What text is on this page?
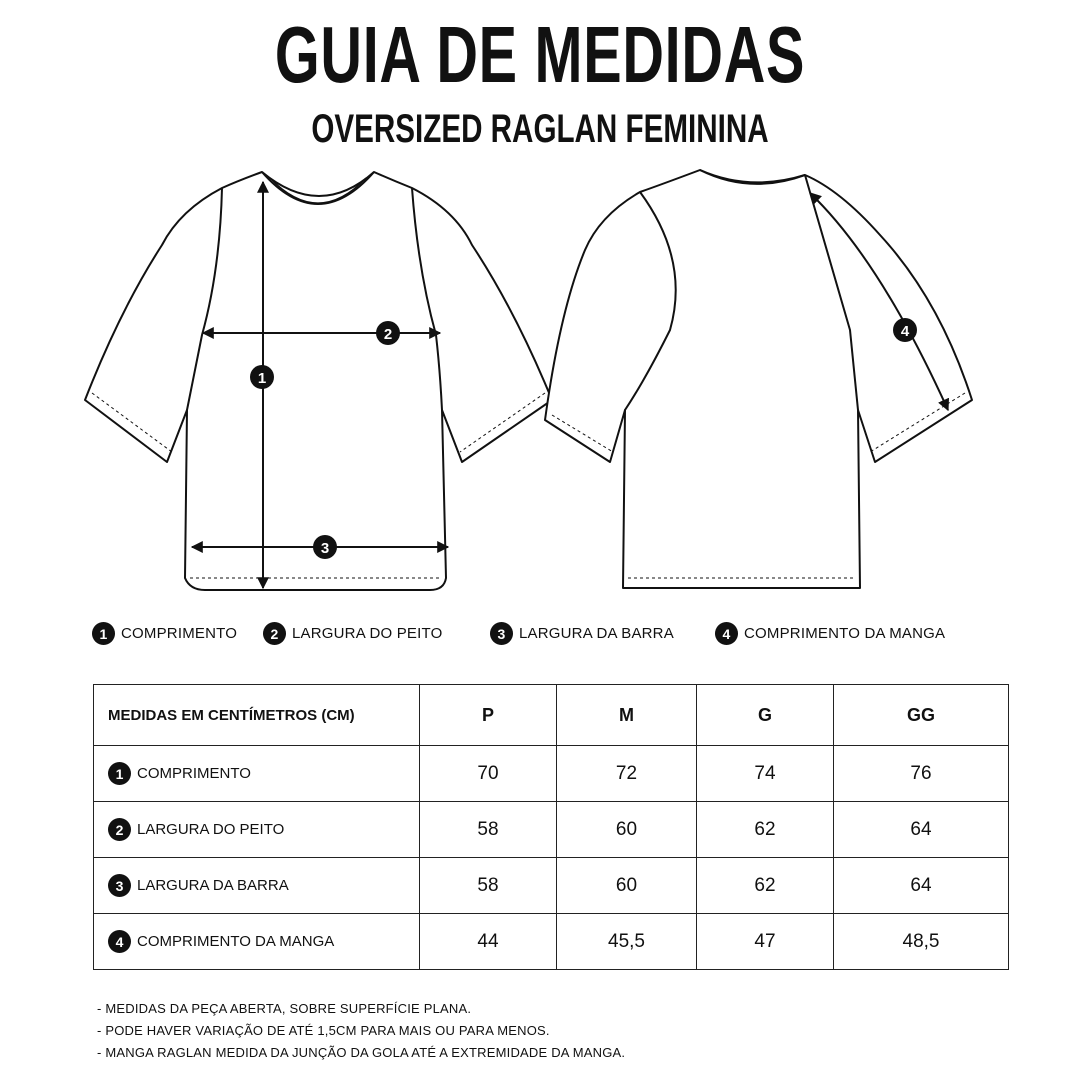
GUIA DE MEDIDAS
OVERSIZED RAGLAN FEMININA
1
2
3
4
1 COMPRIMENTO	2 LARGURA DO PEITO	3 LARGURA DA BARRA	4 COMPRIMENTO DA MANGA
MEDIDAS EM CENTÍMETROS (CM)	P	M	G	GG

1 COMPRIMENTO	70	72	74	76

2 LARGURA DO PEITO	58	60	62	64

3 LARGURA DA BARRA	58	60	62	64

4 COMPRIMENTO DA MANGA	44	45,5	47	48,5
- MEDIDAS DA PEÇA ABERTA, SOBRE SUPERFÍCIE PLANA.
- PODE HAVER VARIAÇÃO DE ATÉ 1,5CM PARA MAIS OU PARA MENOS.
- MANGA RAGLAN MEDIDA DA JUNÇÃO DA GOLA ATÉ A EXTREMIDADE DA MANGA.
